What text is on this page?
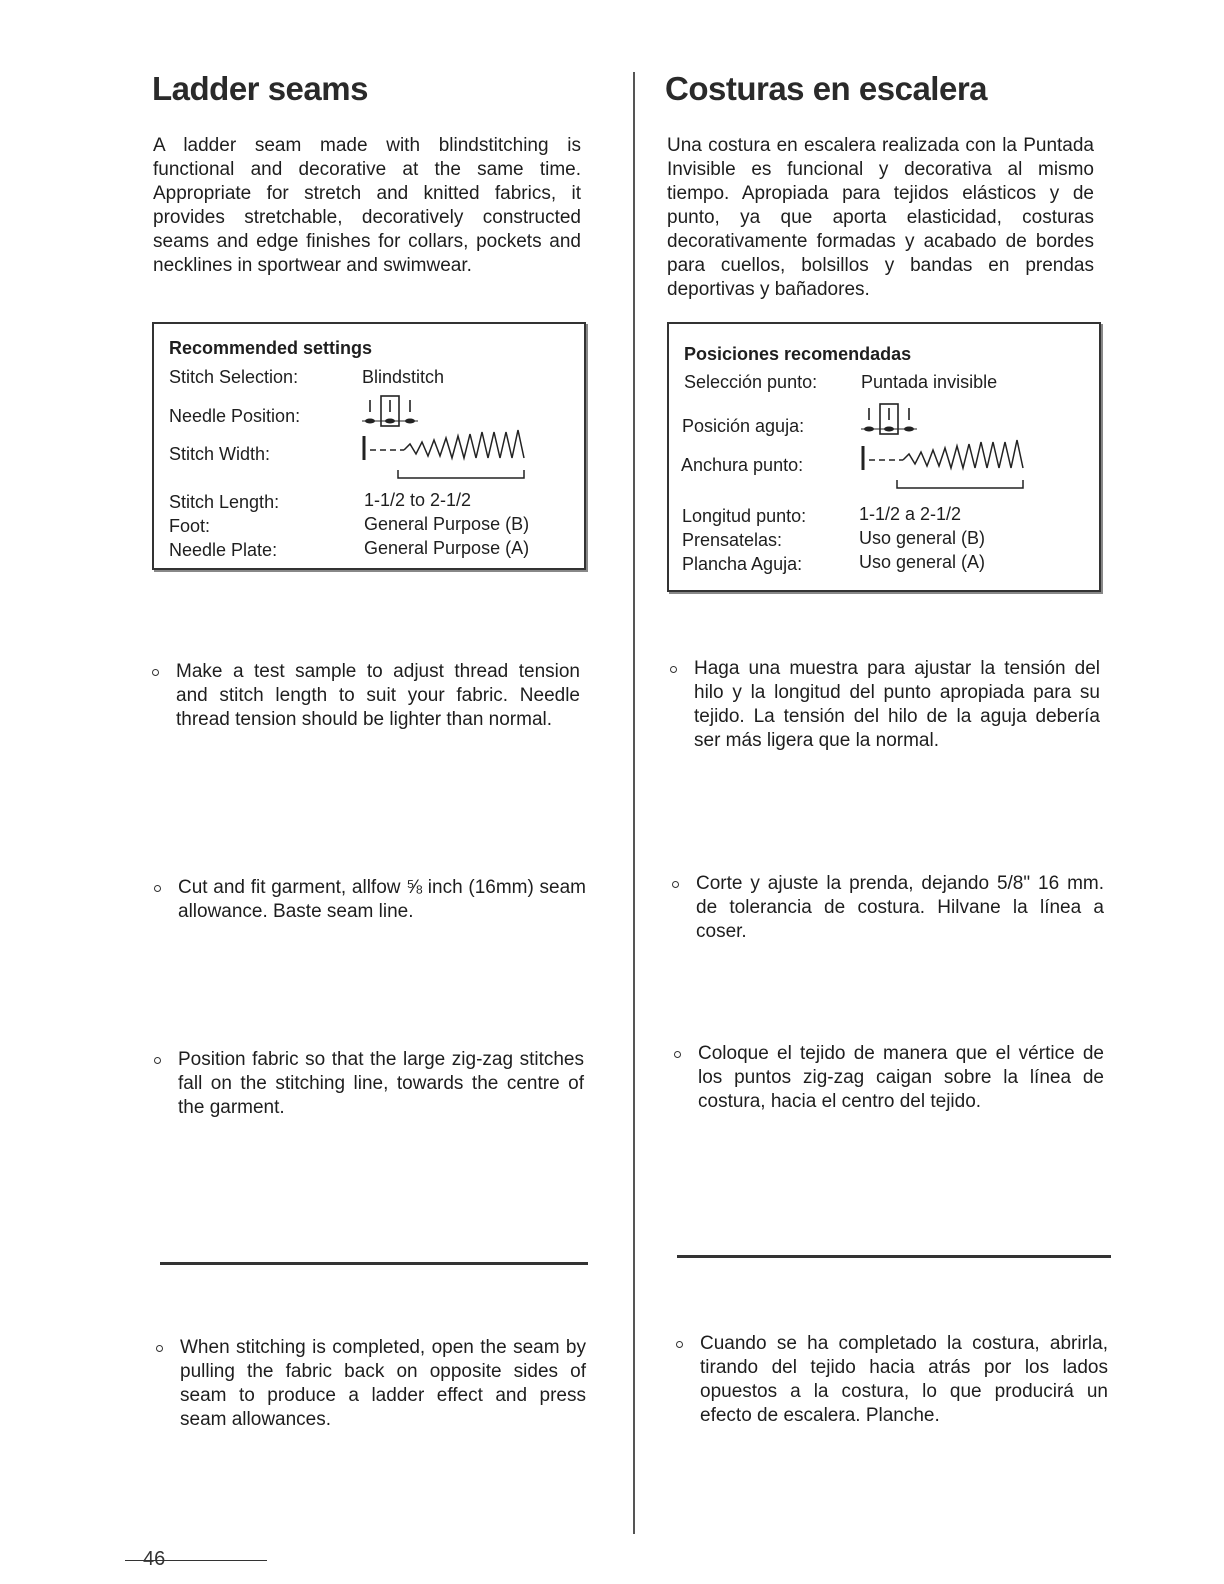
Ladder seams

A ladder seam made with blindstitching is functional and decorative at the same time. Appropriate for stretch and knitted fabrics, it provides stretchable, decoratively constructed seams and edge finishes for collars, pockets and necklines in sportwear and swimwear.

Recommended settings
Stitch Selection:	Blindstitch
Needle Position:
Stitch Width:
Stitch Length:	1-1/2 to 2-1/2
Foot:	General Purpose (B)
Needle Plate:	General Purpose (A)

Make a test sample to adjust thread tension and stitch length to suit your fabric. Needle thread tension should be lighter than normal.

Cut and fit garment, allfow ⅝ inch (16mm) seam allowance. Baste seam line.

Position fabric so that the large zig-zag stitches fall on the stitching line, towards the centre of the garment.

When stitching is completed, open the seam by pulling the fabric back on opposite sides of seam to produce a ladder effect and press seam allowances.

Costuras en escalera

Una costura en escalera realizada con la Puntada Invisible es funcional y decorativa al mismo tiempo. Apropiada para tejidos elásticos y de punto, ya que aporta elasticidad, costuras decorativamente formadas y acabado de bordes para cuellos, bolsillos y bandas en prendas deportivas y bañadores.

Posiciones recomendadas
Selección punto: Puntada invisible
Posición aguja:
Anchura punto:
Longitud punto:	1-1/2 a 2-1/2
Prensatelas:	Uso general (B)
Plancha Aguja:	Uso general (A)

Haga una muestra para ajustar la tensión del hilo y la longitud del punto apropiada para su tejido. La tensión del hilo de la aguja debería ser más ligera que la normal.

Corte y ajuste la prenda, dejando 5/8" 16 mm. de tolerancia de costura. Hilvane la línea a coser.

Coloque el tejido de manera que el vértice de los puntos zig-zag caigan sobre la línea de costura, hacia el centro del tejido.

Cuando se ha completado la costura, abrirla, tirando del tejido hacia atrás por los lados opuestos a la costura, lo que producirá un efecto de escalera. Planche.

46
